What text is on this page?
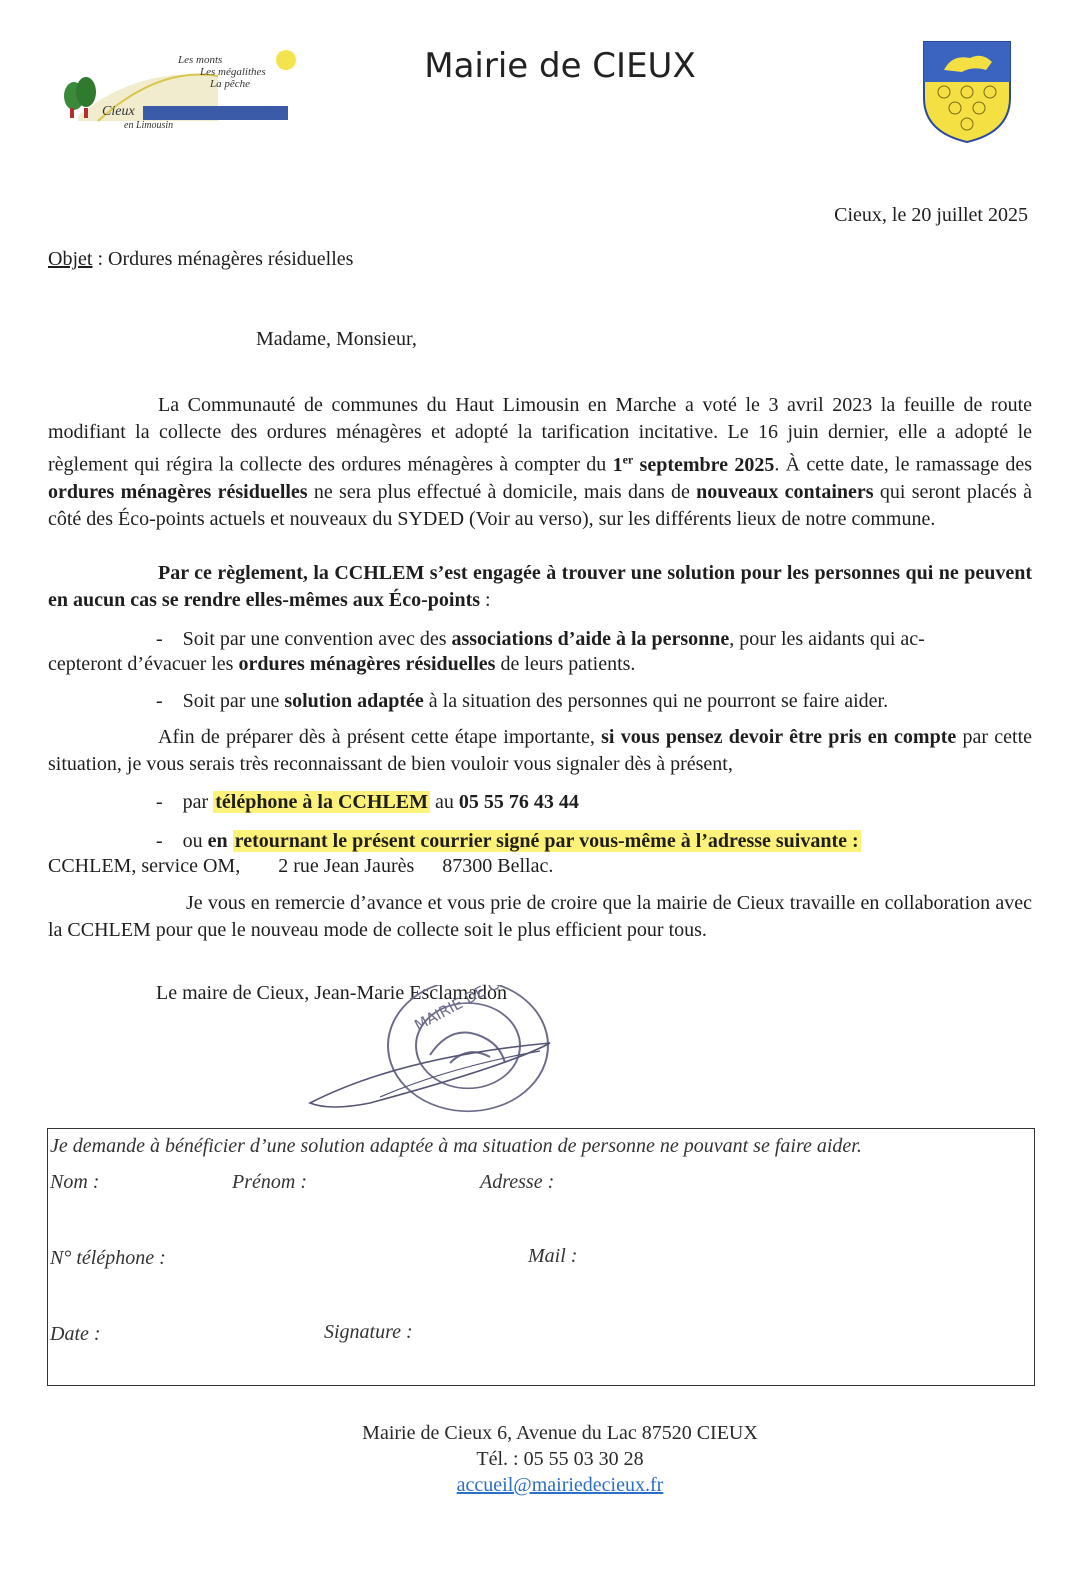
Les monts
Les mégalithes
La pêche
Cieux
en Limousin
Mairie de CIEUX
Cieux, le 20 juillet 2025
Objet : Ordures ménagères résiduelles
Madame, Monsieur,
La Communauté de communes du Haut Limousin en Marche a voté le 3 avril 2023 la feuille de route modifiant la collecte des ordures ménagères et adopté la tarification incitative. Le 16 juin dernier, elle a adopté le règlement qui régira la collecte des ordures ménagères à compter du 1er septembre 2025. À cette date, le ramassage des ordures ménagères résiduelles ne sera plus effectué à domicile, mais dans de nouveaux containers qui seront placés à côté des Éco-points actuels et nouveaux du SYDED (Voir au verso), sur les différents lieux de notre commune.
Par ce règlement, la CCHLEM s’est engagée à trouver une solution pour les personnes qui ne peuvent en aucun cas se rendre elles-mêmes aux Éco-points :
- Soit par une convention avec des associations d’aide à la personne, pour les aidants qui ac-
cepteront d’évacuer les ordures ménagères résiduelles de leurs patients.
- Soit par une solution adaptée à la situation des personnes qui ne pourront se faire aider.
Afin de préparer dès à présent cette étape importante, si vous pensez devoir être pris en compte par cette situation, je vous serais très reconnaissant de bien vouloir vous signaler dès à présent,
- par téléphone à la CCHLEM au 05 55 76 43 44
- ou en retournant le présent courrier signé par vous-même à l’adresse suivante :
CCHLEM, service OM, 2 rue Jean Jaurès 87300 Bellac.
Je vous en remercie d’avance et vous prie de croire que la mairie de Cieux travaille en collaboration avec la CCHLEM pour que le nouveau mode de collecte soit le plus efficient pour tous.
Le maire de Cieux, Jean-Marie Esclamadon
MAIRIE DE CIEUX
Je demande à bénéficier d’une solution adaptée à ma situation de personne ne pouvant se faire aider.
Nom :	Prénom :	Adresse :
N° téléphone :	Mail :
Date :	Signature :
Mairie de Cieux 6, Avenue du Lac 87520 CIEUX
Tél. : 05 55 03 30 28
accueil@mairiedecieux.fr
